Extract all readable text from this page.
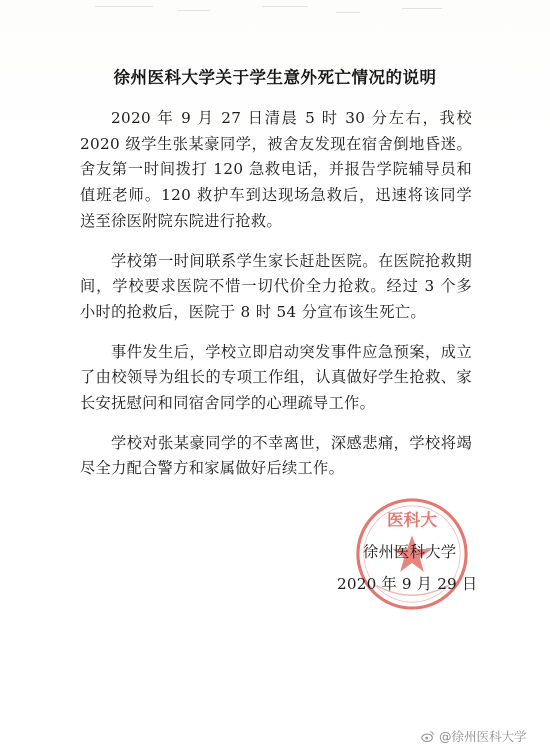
徐州医科大学关于学生意外死亡情况的说明

2020 年 9 月 27 日清晨 5 时 30 分左右，我校 2020 级学生张某豪同学，被舍友发现在宿舍倒地昏迷。舍友第一时间拨打 120 急救电话，并报告学院辅导员和值班老师。120 救护车到达现场急救后，迅速将该同学送至徐医附院东院进行抢救。

学校第一时间联系学生家长赶赴医院。在医院抢救期间，学校要求医院不惜一切代价全力抢救。经过 3 个多小时的抢救后，医院于 8 时 54 分宣布该生死亡。

事件发生后，学校立即启动突发事件应急预案，成立了由校领导为组长的专项工作组，认真做好学生抢救、家长安抚慰问和同宿舍同学的心理疏导工作。

学校对张某豪同学的不幸离世，深感悲痛，学校将竭尽全力配合警方和家属做好后续工作。

医科大
徐州医科大学
2020 年 9 月 29 日
@徐州医科大学
